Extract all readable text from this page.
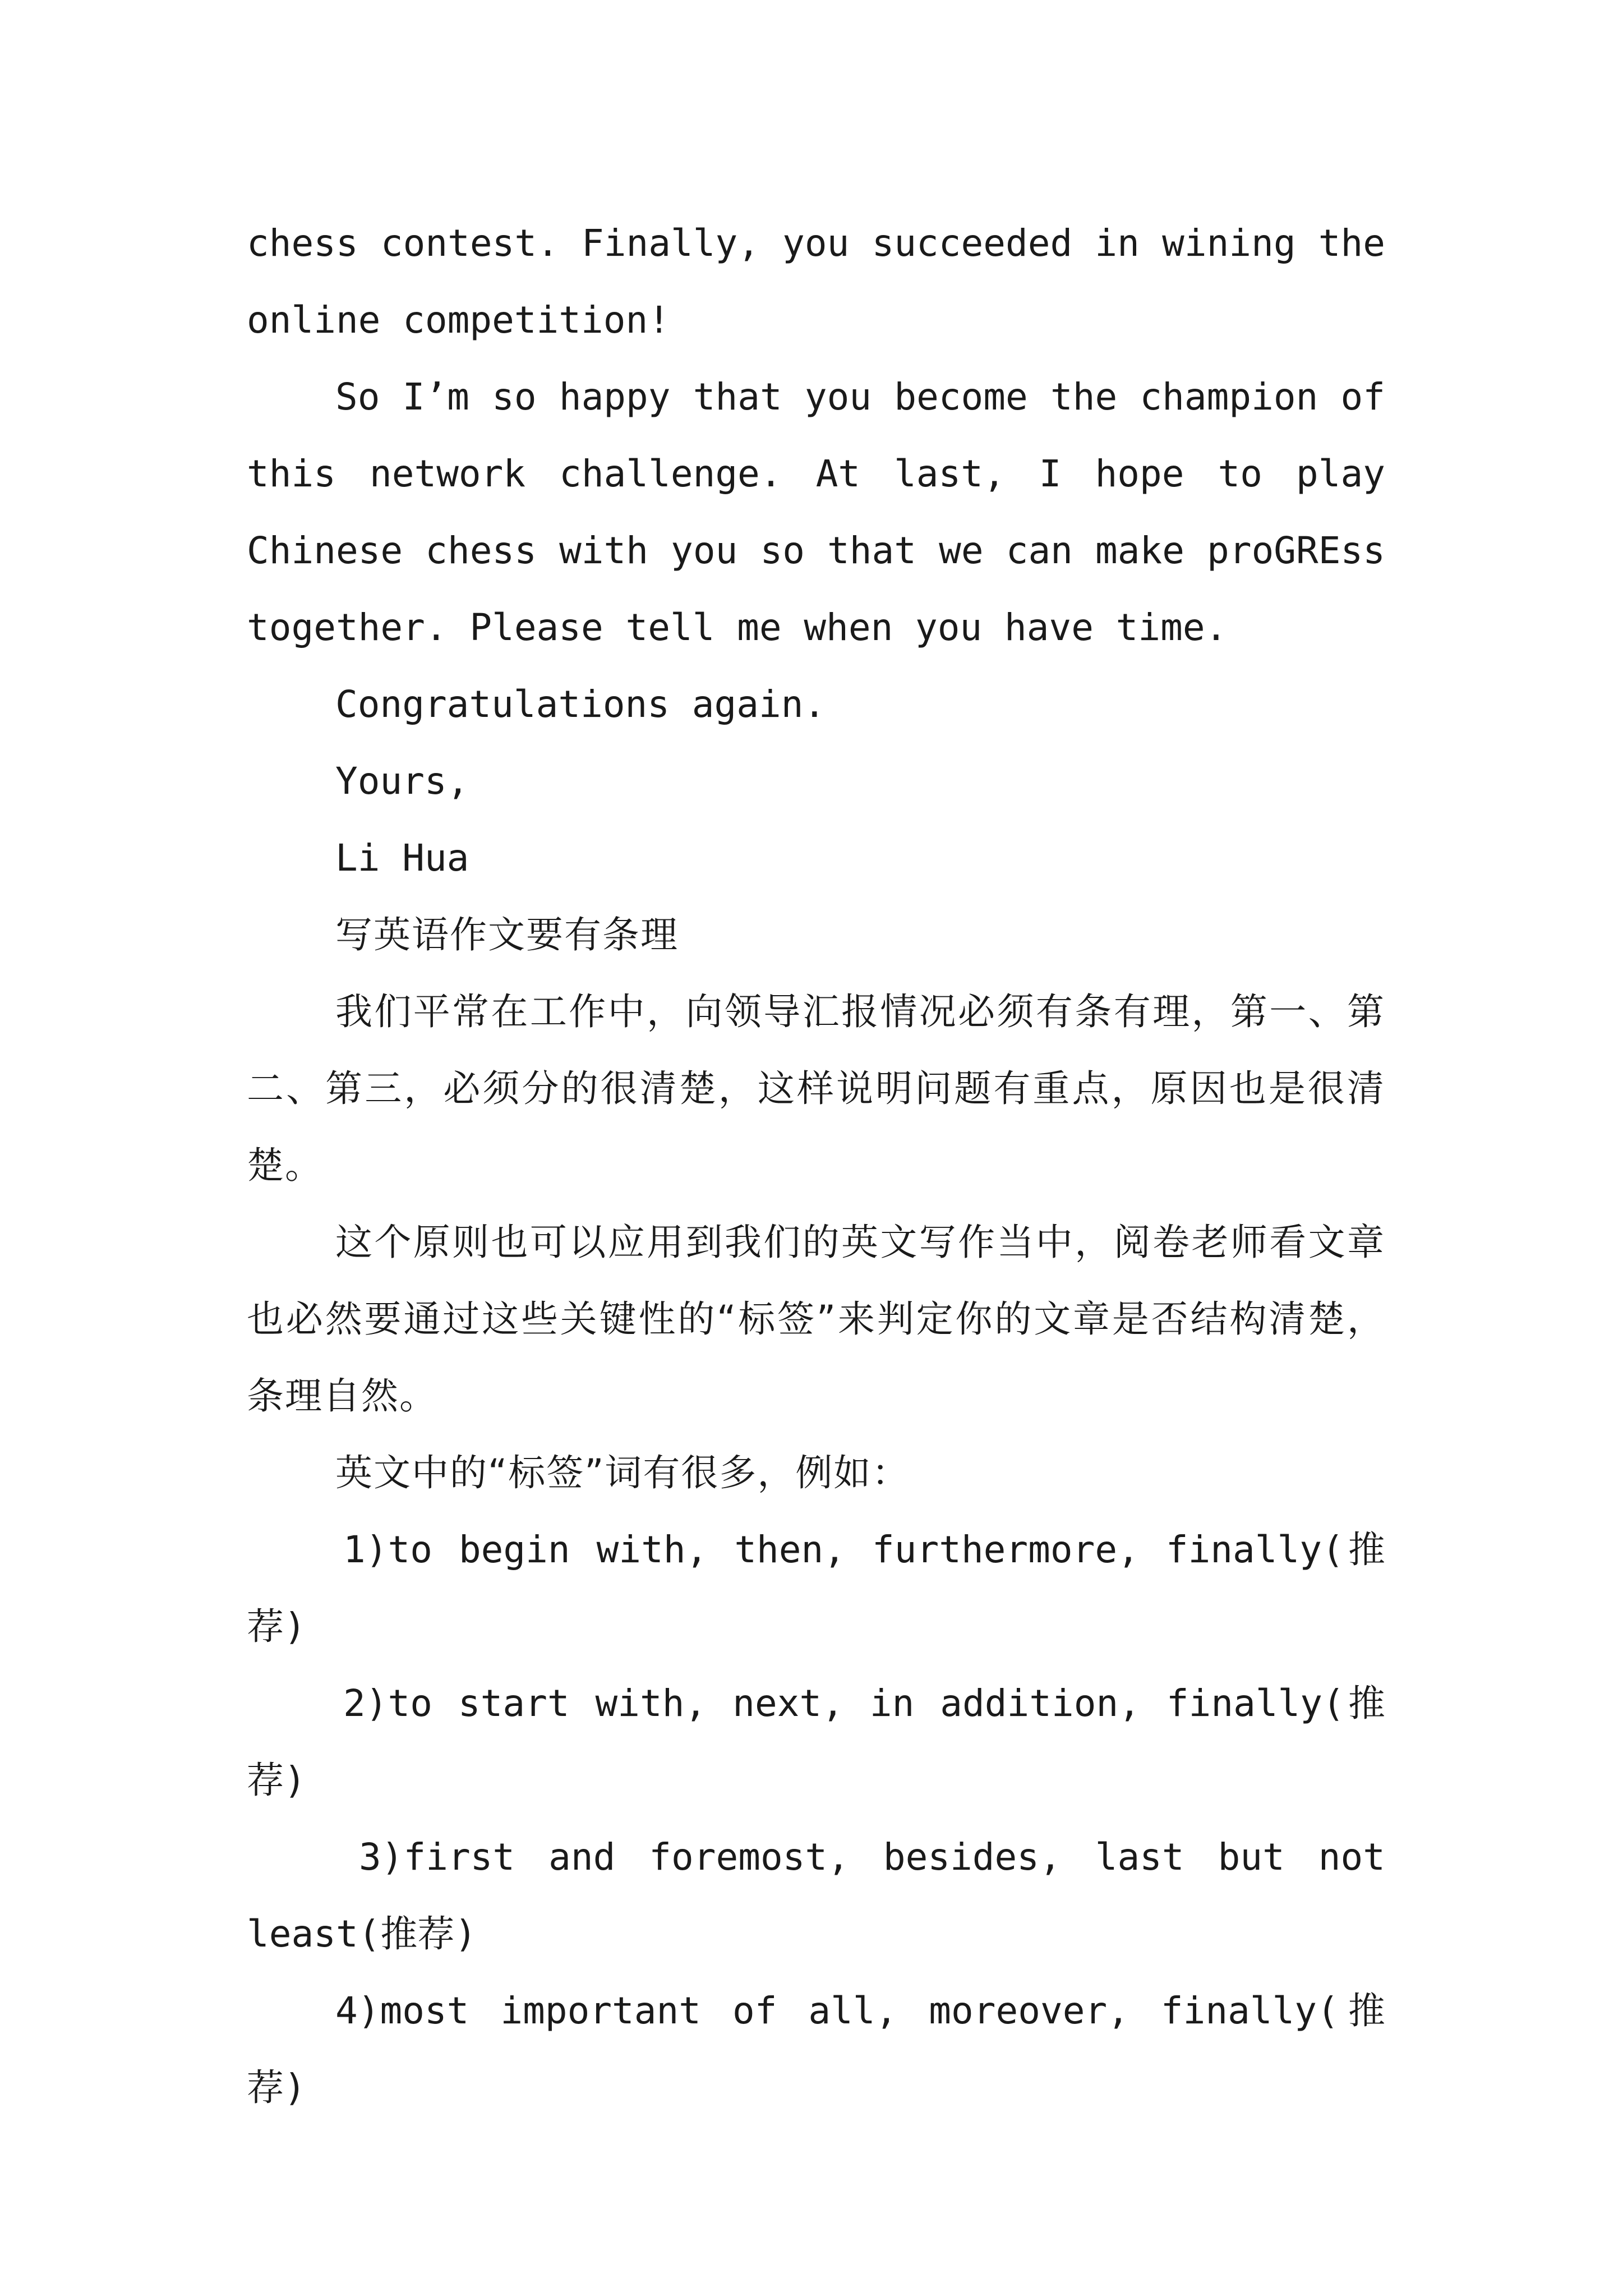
chess contest. Finally, you succeeded in wining the online competition!

So I’m so happy that you become the champion of this network challenge. At last, I hope to play Chinese chess with you so that we can make proGREss together. Please tell me when you have time.

Congratulations again.

Yours,

Li Hua

写英语作文要有条理

我们平常在工作中，向领导汇报情况必须有条有理，第一、第二、第三，必须分的很清楚，这样说明问题有重点，原因也是很清楚。

这个原则也可以应用到我们的英文写作当中，阅卷老师看文章也必然要通过这些关键性的“标签”来判定你的文章是否结构清楚，条理自然。

英文中的“标签”词有很多，例如：

1)to begin with, then, furthermore, finally(推荐)

2)to start with, next, in addition, finally(推荐)

3)first and foremost, besides, last but not least(推荐)

4)most important of all, moreover, finally(推荐)
